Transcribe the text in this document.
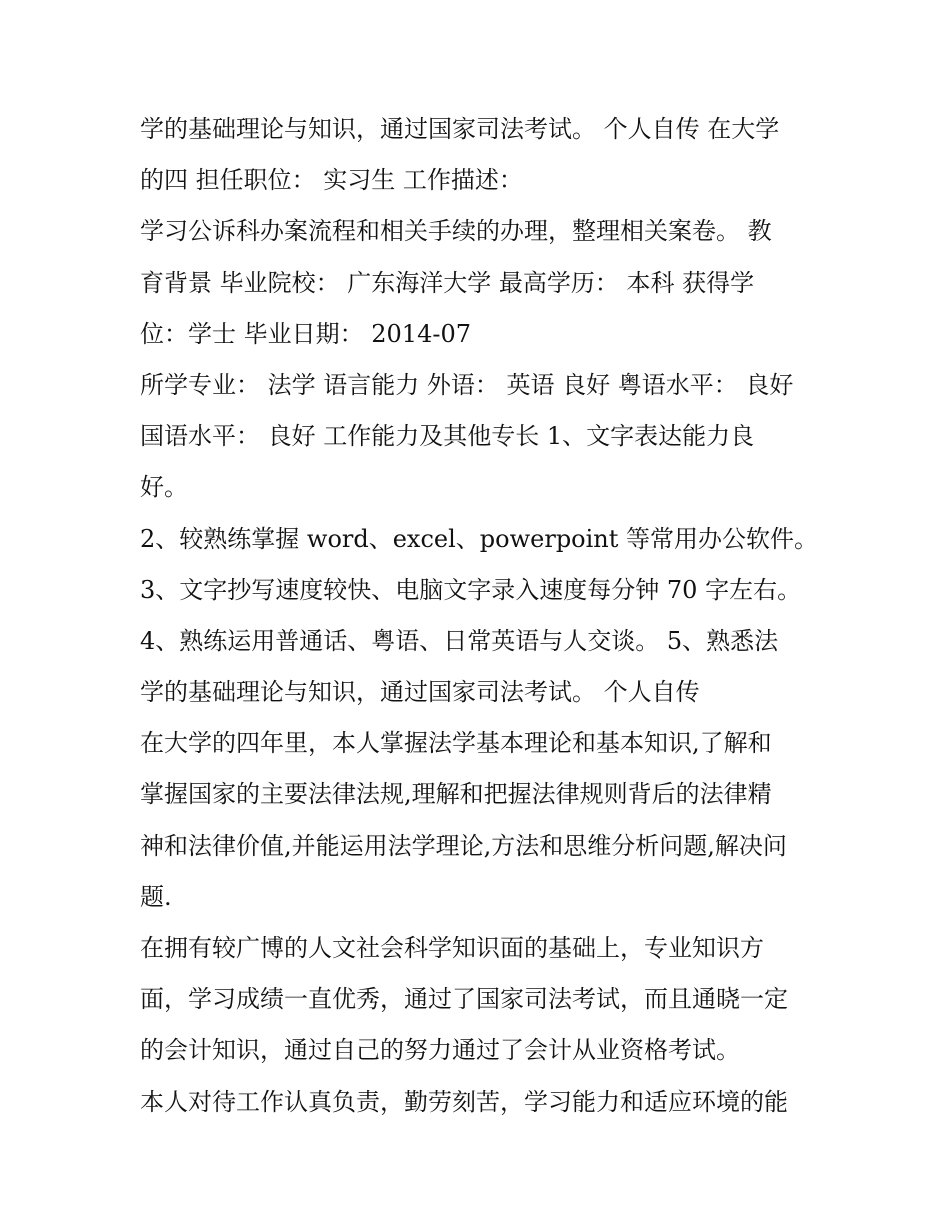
学的基础理论与知识，通过国家司法考试。 个人自传 在大学
的四 担任职位： 实习生 工作描述：
学习公诉科办案流程和相关手续的办理，整理相关案卷。 教
育背景 毕业院校： 广东海洋大学 最高学历： 本科 获得学
位：学士 毕业日期： 2014-07
所学专业： 法学 语言能力 外语： 英语 良好 粤语水平： 良好
国语水平： 良好 工作能力及其他专长 1、文字表达能力良
好。
2、较熟练掌握 word、excel、powerpoint 等常用办公软件。
3、文字抄写速度较快、电脑文字录入速度每分钟 70 字左右。
4、熟练运用普通话、粤语、日常英语与人交谈。 5、熟悉法
学的基础理论与知识，通过国家司法考试。 个人自传
在大学的四年里，本人掌握法学基本理论和基本知识,了解和
掌握国家的主要法律法规,理解和把握法律规则背后的法律精
神和法律价值,并能运用法学理论,方法和思维分析问题,解决问
题.
在拥有较广博的人文社会科学知识面的基础上，专业知识方
面，学习成绩一直优秀，通过了国家司法考试，而且通晓一定
的会计知识，通过自己的努力通过了会计从业资格考试。
本人对待工作认真负责，勤劳刻苦，学习能力和适应环境的能
